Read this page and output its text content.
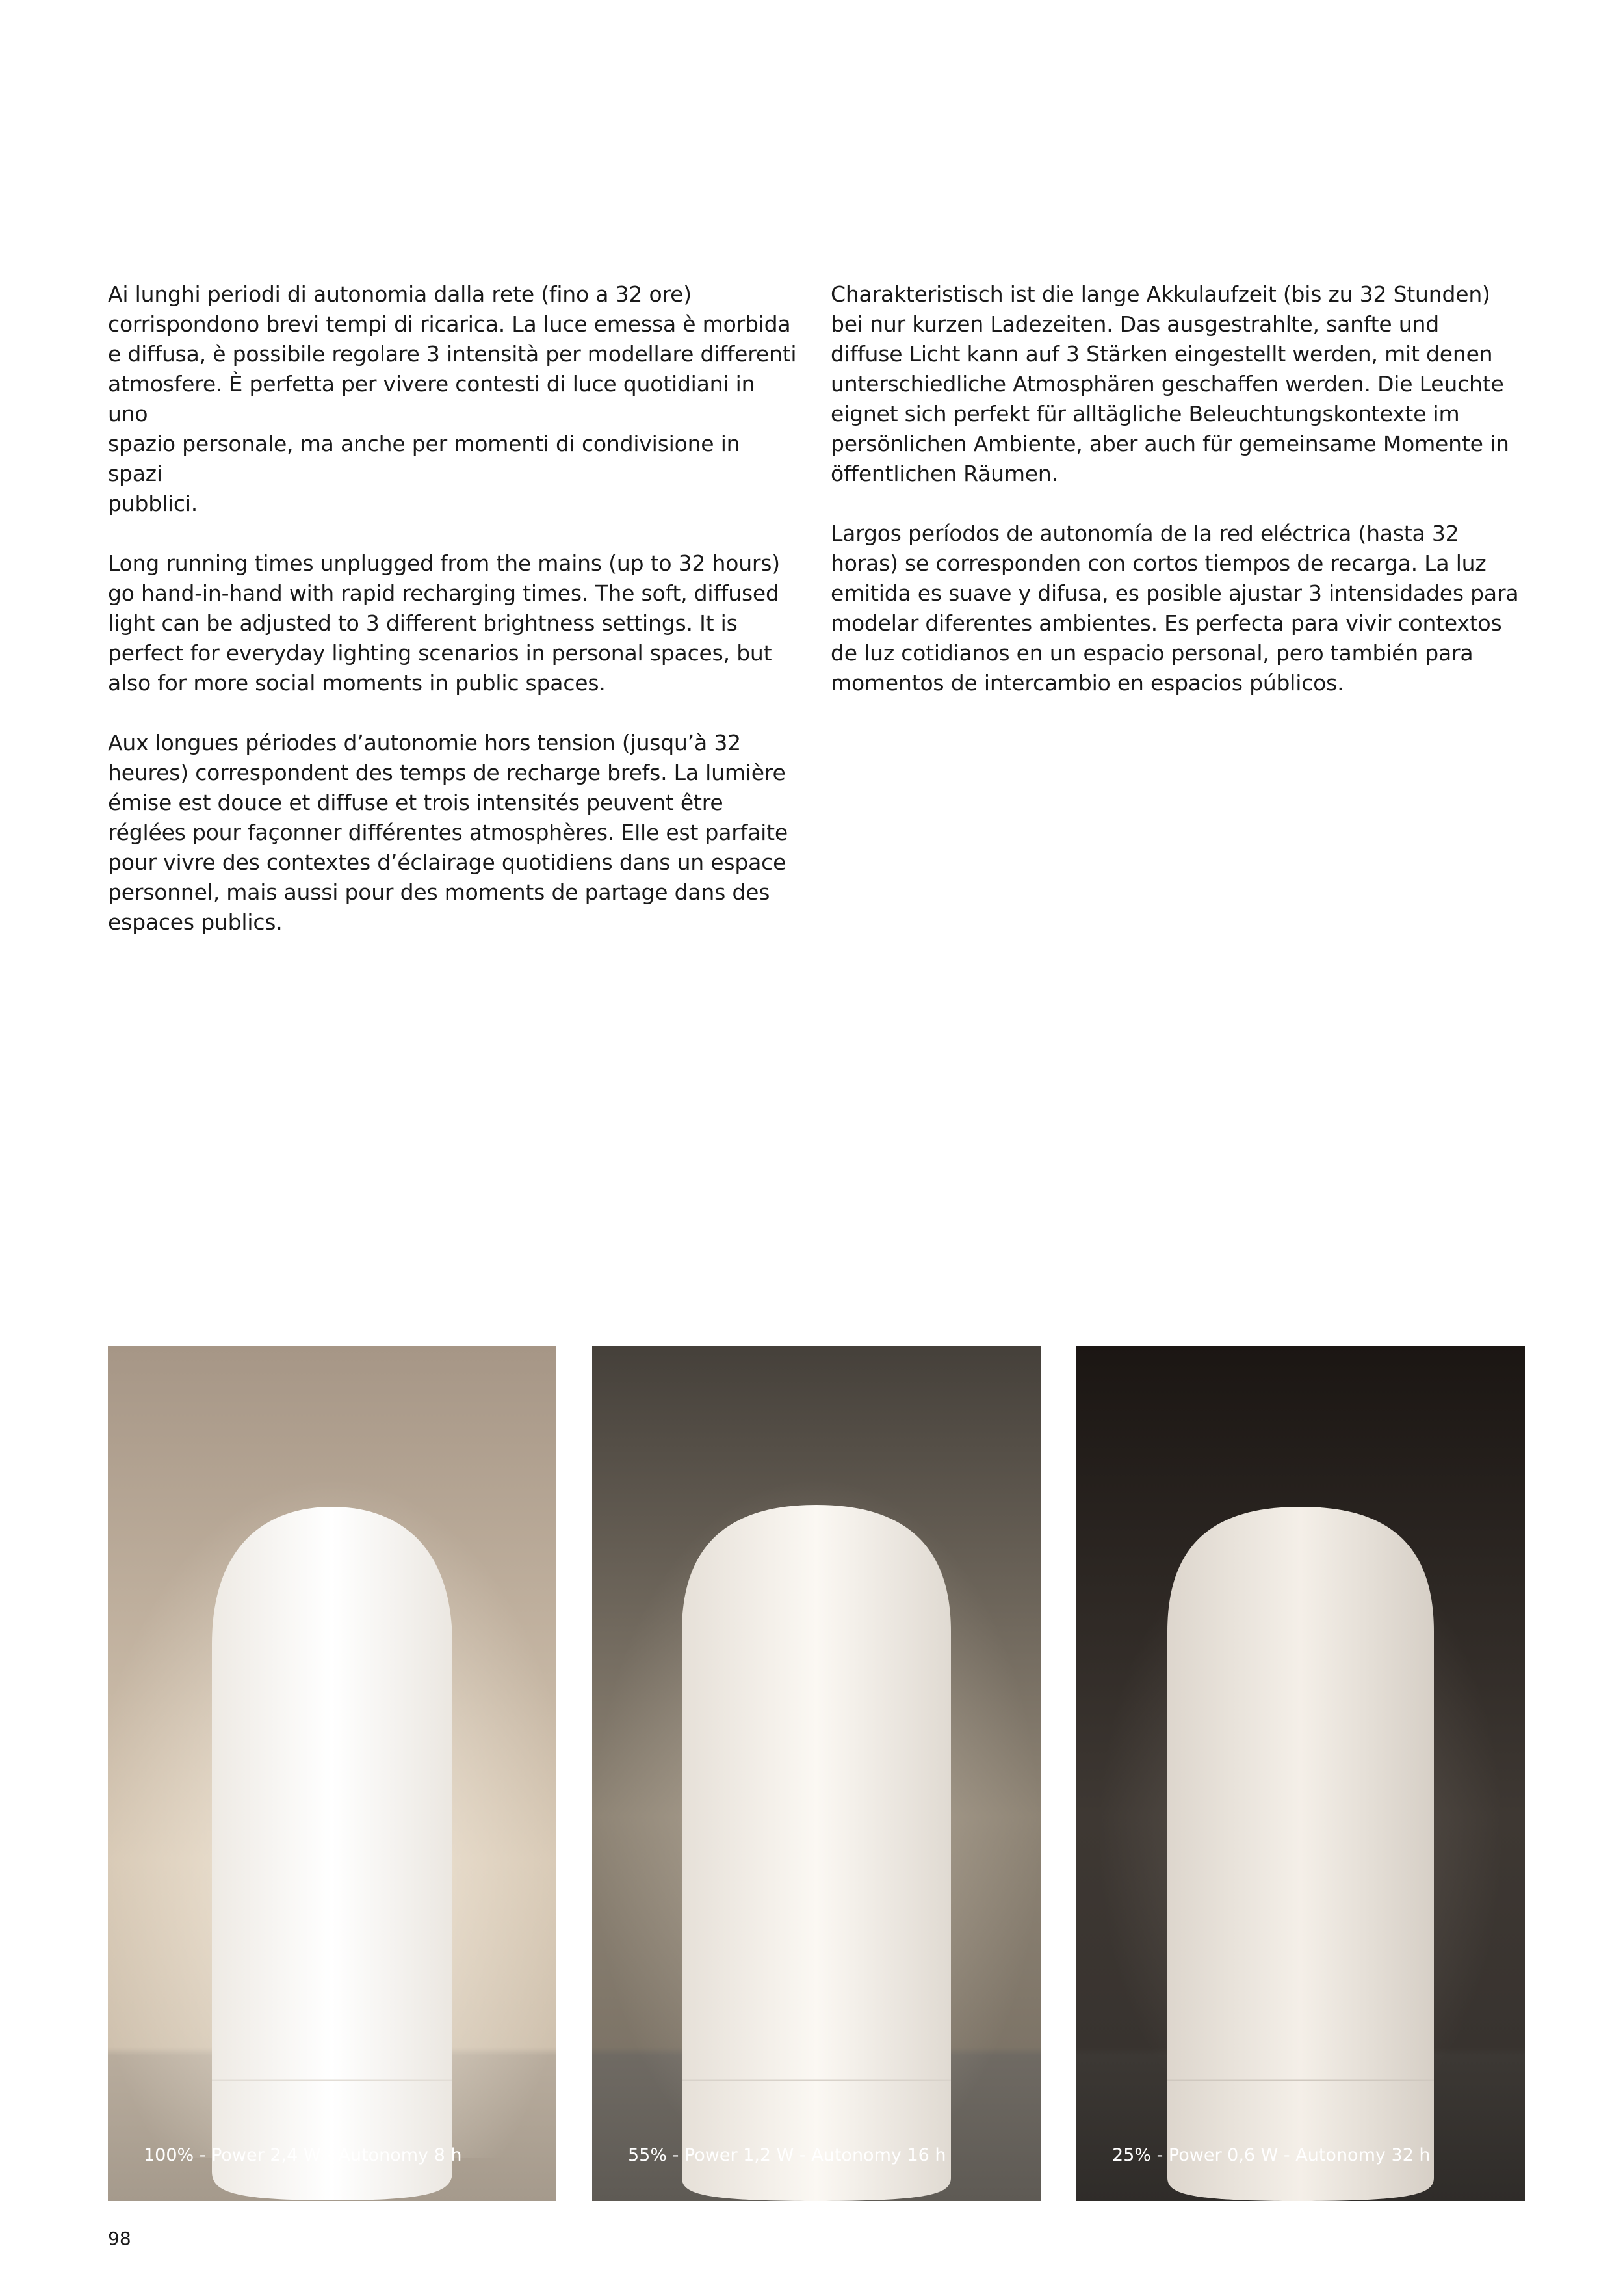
Ai lunghi periodi di autonomia dalla rete (fino a 32 ore)
corrispondono brevi tempi di ricarica. La luce emessa è morbida
e diffusa, è possibile regolare 3 intensità per modellare differenti
atmosfere. È perfetta per vivere contesti di luce quotidiani in uno
spazio personale, ma anche per momenti di condivisione in spazi
pubblici.

Long running times unplugged from the mains (up to 32 hours)
go hand-in-hand with rapid recharging times. The soft, diffused
light can be adjusted to 3 different brightness settings. It is
perfect for everyday lighting scenarios in personal spaces, but
also for more social moments in public spaces.

Aux longues périodes d’autonomie hors tension (jusqu’à 32
heures) correspondent des temps de recharge brefs. La lumière
émise est douce et diffuse et trois intensités peuvent être
réglées pour façonner différentes atmosphères. Elle est parfaite
pour vivre des contextes d’éclairage quotidiens dans un espace
personnel, mais aussi pour des moments de partage dans des
espaces publics.

Charakteristisch ist die lange Akkulaufzeit (bis zu 32 Stunden)
bei nur kurzen Ladezeiten. Das ausgestrahlte, sanfte und
diffuse Licht kann auf 3 Stärken eingestellt werden, mit denen
unterschiedliche Atmosphären geschaffen werden. Die Leuchte
eignet sich perfekt für alltägliche Beleuchtungskontexte im
persönlichen Ambiente, aber auch für gemeinsame Momente in
öffentlichen Räumen.

Largos períodos de autonomía de la red eléctrica (hasta 32
horas) se corresponden con cortos tiempos de recarga. La luz
emitida es suave y difusa, es posible ajustar 3 intensidades para
modelar diferentes ambientes. Es perfecta para vivir contextos
de luz cotidianos en un espacio personal, pero también para
momentos de intercambio en espacios públicos.

100% - Power 2,4 W - Autonomy 8 h	55% - Power 1,2 W - Autonomy 16 h	25% - Power 0,6 W - Autonomy 32 h
98
